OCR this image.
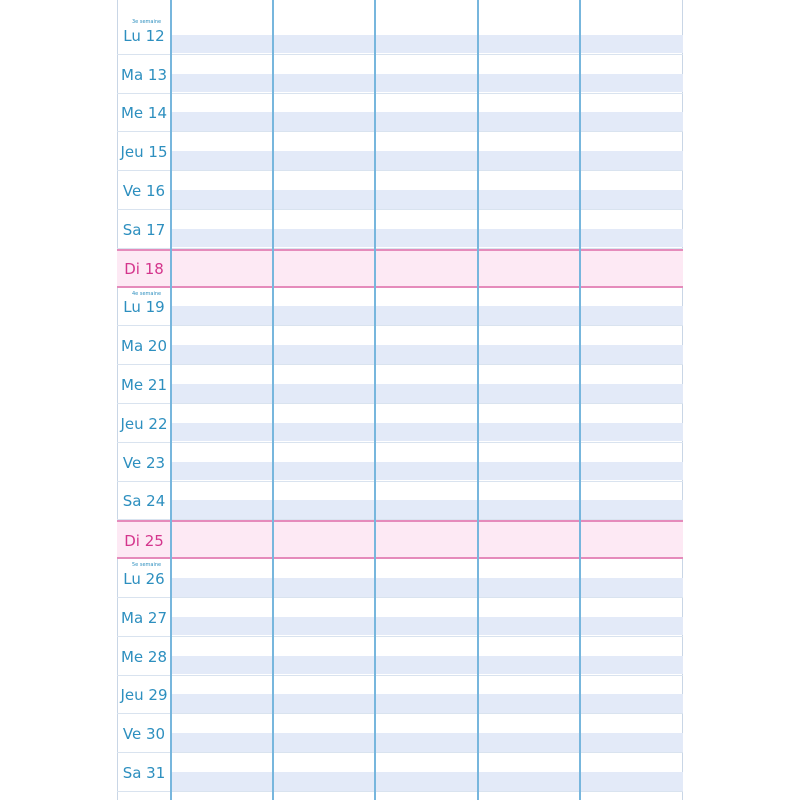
3e semaine
Lu 12
Ma 13
Me 14
Jeu 15
Ve 16
Sa 17
Di 18
4e semaine
Lu 19
Ma 20
Me 21
Jeu 22
Ve 23
Sa 24
Di 25
5e semaine
Lu 26
Ma 27
Me 28
Jeu 29
Ve 30
Sa 31
